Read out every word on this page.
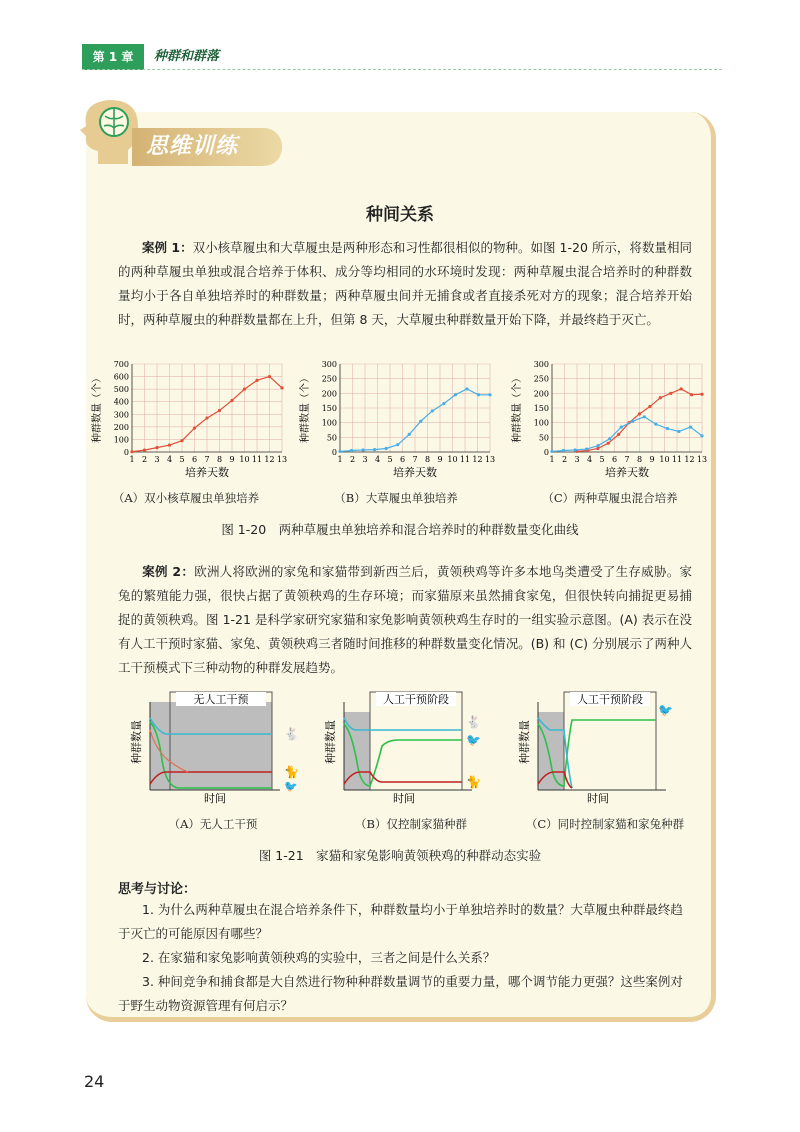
第 1 章	种群和群落
思维训练
种间关系
案例 1：双小核草履虫和大草履虫是两种形态和习性都很相似的物种。如图 1-20 所示，将数量相同的两种草履虫单独或混合培养于体积、成分等均相同的水环境时发现：两种草履虫混合培养时的种群数量均小于各自单独培养时的种群数量；两种草履虫间并无捕食或者直接杀死对方的现象；混合培养开始时，两种草履虫的种群数量都在上升，但第 8 天，大草履虫种群数量开始下降，并最终趋于灭亡。
0
100
200
300
400
500
600
700
1 2 3 4 5 6 7 8 9 10 11 12 13
培养天数
种群数量（个）
0
50
100
150
200
250
300
1 2 3 4 5 6 7 8 9 10 11 12 13
培养天数
种群数量（个）
0
50
100
150
200
250
300
1 2 3 4 5 6 7 8 9 10 11 12 13
培养天数
种群数量（个）
（A）双小核草履虫单独培养	（B）大草履虫单独培养	（C）两种草履虫混合培养
图 1-20　两种草履虫单独培养和混合培养时的种群数量变化曲线
案例 2：欧洲人将欧洲的家兔和家猫带到新西兰后，黄领秧鸡等许多本地鸟类遭受了生存威胁。家兔的繁殖能力强，很快占据了黄领秧鸡的生存环境；而家猫原来虽然捕食家兔，但很快转向捕捉更易捕捉的黄领秧鸡。图 1-21 是科学家研究家猫和家兔影响黄领秧鸡生存时的一组实验示意图。(A) 表示在没有人工干预时家猫、家兔、黄领秧鸡三者随时间推移的种群数量变化情况。(B) 和 (C) 分别展示了两种人工干预模式下三种动物的种群发展趋势。
无人工干预
种群数量
时间
🐇
🐈
🐦
人工干预阶段
种群数量
时间
🐇
🐦
🐈
人工干预阶段
种群数量
时间
🐦
（A）无人工干预	（B）仅控制家猫种群	（C）同时控制家猫和家兔种群
图 1-21　家猫和家兔影响黄领秧鸡的种群动态实验
思考与讨论：
1. 为什么两种草履虫在混合培养条件下，种群数量均小于单独培养时的数量？大草履虫种群最终趋于灭亡的可能原因有哪些？
2. 在家猫和家兔影响黄领秧鸡的实验中，三者之间是什么关系？
3. 种间竞争和捕食都是大自然进行物种种群数量调节的重要力量，哪个调节能力更强？这些案例对于野生动物资源管理有何启示？
24
